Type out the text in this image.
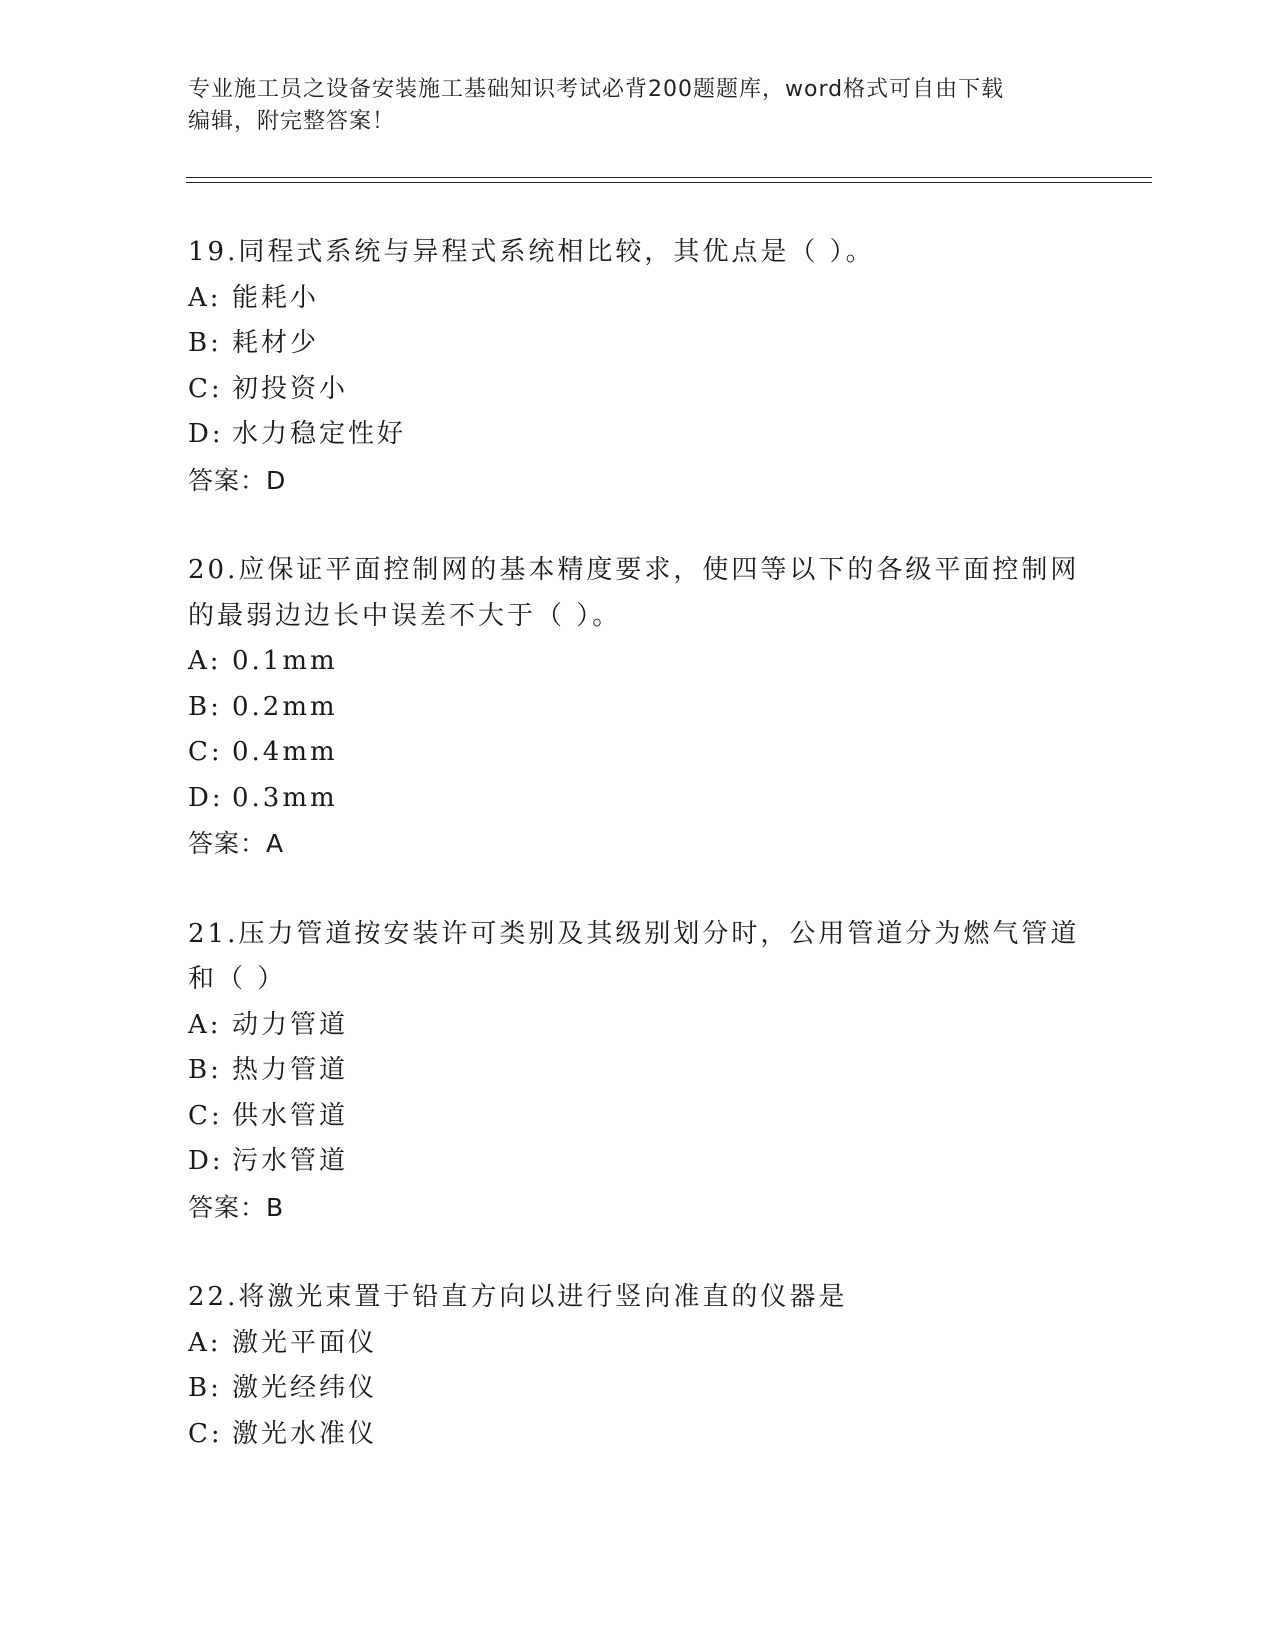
专业施工员之设备安装施工基础知识考试必背200题题库，word格式可自由下载
编辑，附完整答案！

19.同程式系统与异程式系统相比较，其优点是（ ）。

A: 能耗小

B: 耗材少

C: 初投资小

D: 水力稳定性好

答案：D

20.应保证平面控制网的基本精度要求，使四等以下的各级平面控制网

的最弱边边长中误差不大于（ ）。

A: 0.1mm

B: 0.2mm

C: 0.4mm

D: 0.3mm

答案：A

21.压力管道按安装许可类别及其级别划分时，公用管道分为燃气管道

和（ ）

A: 动力管道

B: 热力管道

C: 供水管道

D: 污水管道

答案：B

22.将激光束置于铅直方向以进行竖向准直的仪器是

A: 激光平面仪

B: 激光经纬仪

C: 激光水准仪
